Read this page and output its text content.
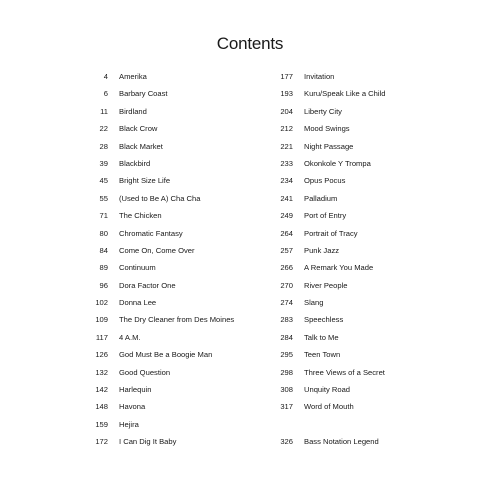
Contents
4 Amerika
6 Barbary Coast
11 Birdland
22 Black Crow
28 Black Market
39 Blackbird
45 Bright Size Life
55 (Used to Be A) Cha Cha
71 The Chicken
80 Chromatic Fantasy
84 Come On, Come Over
89 Continuum
96 Dora Factor One
102 Donna Lee
109 The Dry Cleaner from Des Moines
117 4 A.M.
126 God Must Be a Boogie Man
132 Good Question
142 Harlequin
148 Havona
159 Hejira
172 I Can Dig It Baby
177 Invitation
193 Kuru/Speak Like a Child
204 Liberty City
212 Mood Swings
221 Night Passage
233 Okonkole Y Trompa
234 Opus Pocus
241 Palladium
249 Port of Entry
264 Portrait of Tracy
257 Punk Jazz
266 A Remark You Made
270 River People
274 Slang
283 Speechless
284 Talk to Me
295 Teen Town
298 Three Views of a Secret
308 Unquity Road
317 Word of Mouth
326 Bass Notation Legend
